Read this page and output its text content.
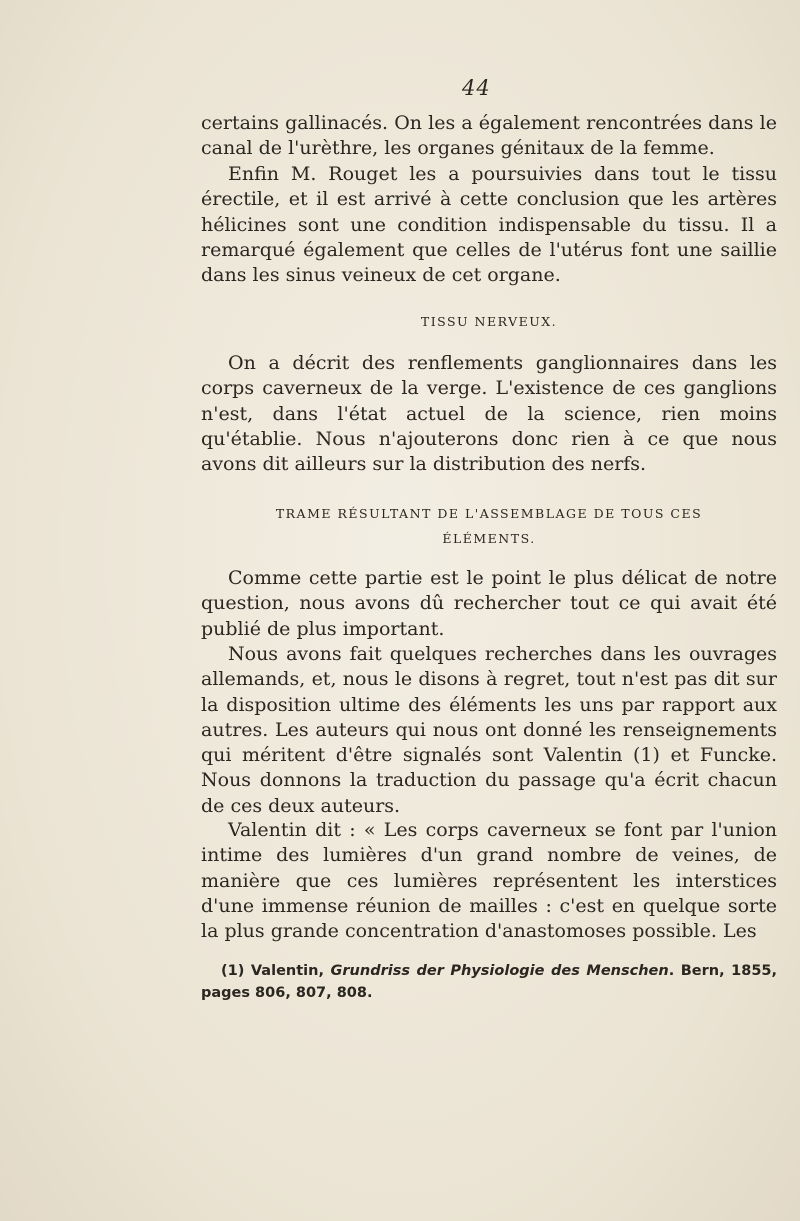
44

certains gallinacés. On les a également rencontrées dans le canal de l'urèthre, les organes génitaux de la femme.

Enfin M. Rouget les a poursuivies dans tout le tissu érectile, et il est arrivé à cette conclusion que les artères hélicines sont une condition indispensable du tissu. Il a remarqué également que celles de l'utérus font une saillie dans les sinus veineux de cet organe.

TISSU NERVEUX.

On a décrit des renflements ganglionnaires dans les corps caverneux de la verge. L'existence de ces ganglions n'est, dans l'état actuel de la science, rien moins qu'établie. Nous n'ajouterons donc rien à ce que nous avons dit ailleurs sur la distribution des nerfs.

TRAME RÉSULTANT DE L'ASSEMBLAGE DE TOUS CES

ÉLÉMENTS.

Comme cette partie est le point le plus délicat de notre question, nous avons dû rechercher tout ce qui avait été publié de plus important.

Nous avons fait quelques recherches dans les ouvrages allemands, et, nous le disons à regret, tout n'est pas dit sur la disposition ultime des éléments les uns par rapport aux autres. Les auteurs qui nous ont donné les renseignements qui méritent d'être signalés sont Valentin (1) et Funcke. Nous donnons la traduction du passage qu'a écrit chacun de ces deux auteurs.

Valentin dit : « Les corps caverneux se font par l'union intime des lumières d'un grand nombre de veines, de manière que ces lumières représentent les interstices d'une immense réunion de mailles : c'est en quelque sorte la plus grande concentration d'anastomoses possible. Les

(1) Valentin, Grundriss der Physiologie des Menschen. Bern, 1855, pages 806, 807, 808.
